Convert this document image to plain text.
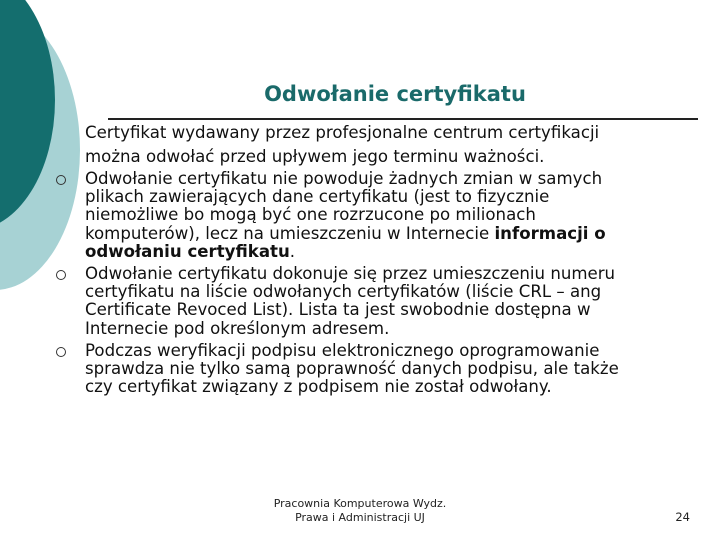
Odwołanie certyfikatu
Certyfikat wydawany przez profesjonalne centrum certyfikacji można odwołać przed upływem jego terminu ważności.
Odwołanie certyfikatu nie powoduje żadnych zmian w samych plikach zawierających dane certyfikatu (jest to fizycznie niemożliwe bo mogą być one rozrzucone po milionach komputerów), lecz na umieszczeniu w Internecie informacji o odwołaniu certyfikatu.
Odwołanie certyfikatu dokonuje się przez umieszczeniu numeru certyfikatu na liście odwołanych certyfikatów (liście CRL – ang Certificate Revoced List). Lista ta jest swobodnie dostępna w Internecie pod określonym adresem.
Podczas weryfikacji podpisu elektronicznego oprogramowanie sprawdza nie tylko samą poprawność danych podpisu, ale także czy certyfikat związany z podpisem nie został odwołany.
Pracownia Komputerowa Wydz.
Prawa i Administracji UJ	24
